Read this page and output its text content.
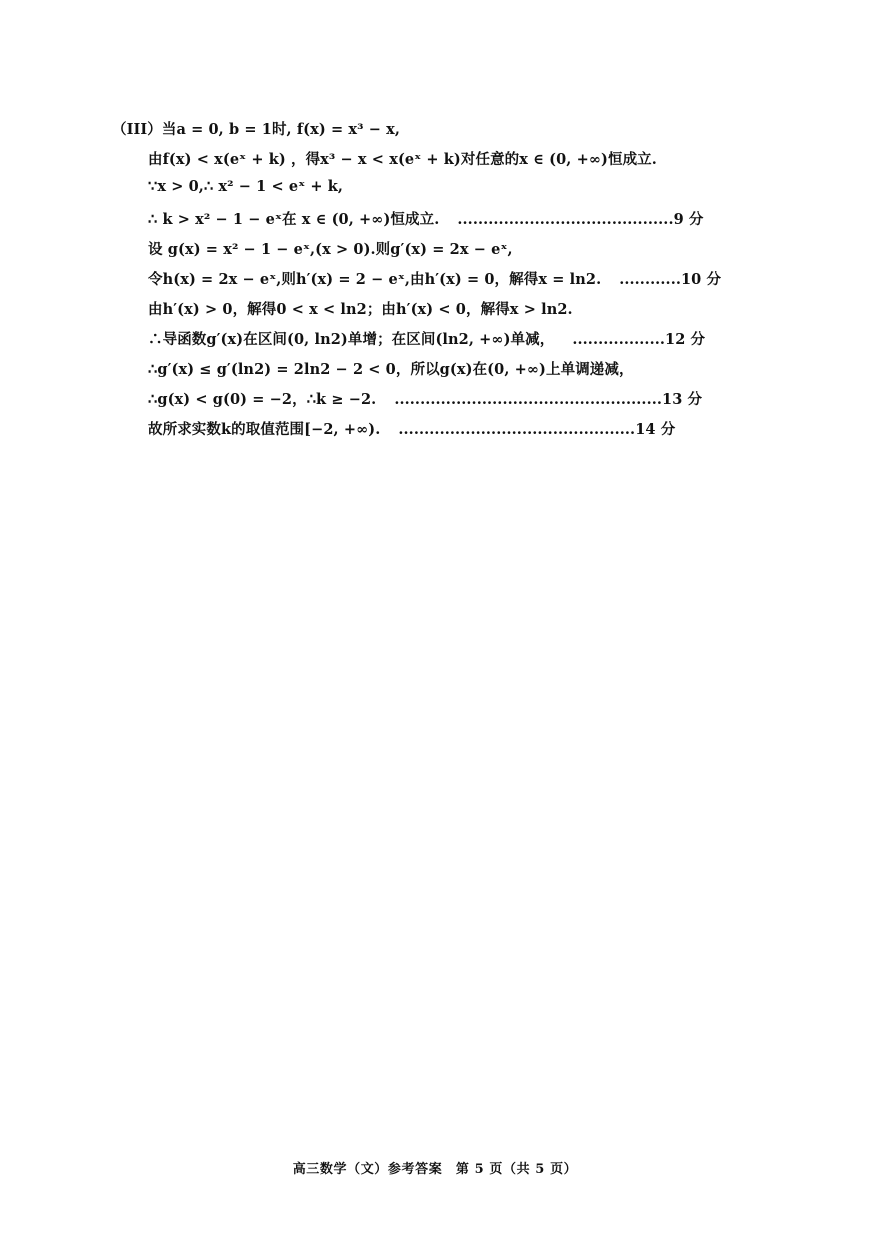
（III）当a = 0, b = 1时, f(x) = x³ − x,
由f(x) < x(eˣ + k) ，得x³ − x < x(eˣ + k)对任意的x ∈ (0, +∞)恒成立.
∵x > 0,∴ x² − 1 < eˣ + k,
∴ k > x² − 1 − eˣ在 x ∈ (0, +∞)恒成立. ..........................................9 分
设 g(x) = x² − 1 − eˣ,(x > 0).则g′(x) = 2x − eˣ,
令h(x) = 2x − eˣ,则h′(x) = 2 − eˣ,由h′(x) = 0，解得x = ln2. ............10 分
由h′(x) > 0，解得0 < x < ln2；由h′(x) < 0，解得x > ln2.
∴导函数g′(x)在区间(0, ln2)单增；在区间(ln2, +∞)单减， ..................12 分
∴g′(x) ≤ g′(ln2) = 2ln2 − 2 < 0，所以g(x)在(0, +∞)上单调递减，
∴g(x) < g(0) = −2，∴k ≥ −2. ....................................................13 分
故所求实数k的取值范围[−2, +∞). ..............................................14 分
高三数学（文）参考答案　第 5 页（共 5 页）
